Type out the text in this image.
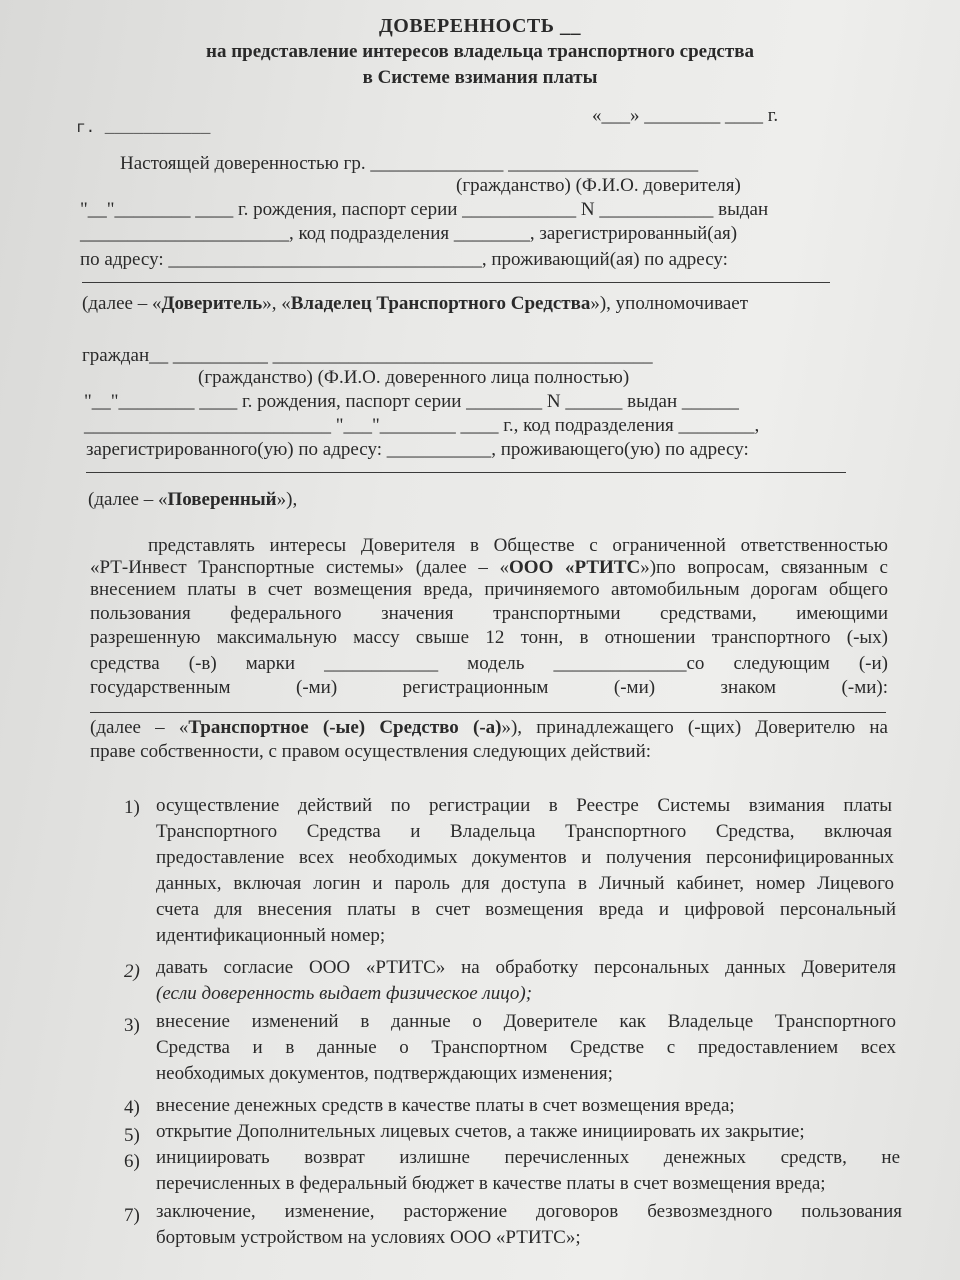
ДОВЕРЕННОСТЬ __
на представление интересов владельца транспортного средства
в Системе взимания платы
г. ___________
«___» ________ ____ г.
Настоящей доверенностью гр. ______________ ____________________
(гражданство) (Ф.И.О. доверителя)
"__"________ ____ г. рождения, паспорт серии ____________ N ____________ выдан
______________________, код подразделения ________, зарегистрированный(ая)
по адресу: _________________________________, проживающий(ая) по адресу:
(далее – «Доверитель», «Владелец Транспортного Средства»), уполномочивает
граждан__ __________ ________________________________________
(гражданство) (Ф.И.О. доверенного лица полностью)
"__"________ ____ г. рождения, паспорт серии ________ N ______ выдан ______
__________________________ "___"________ ____ г., код подразделения ________,
зарегистрированного(ую) по адресу: ___________, проживающего(ую) по адресу:
(далее – «Поверенный»),
представлять интересы Доверителя в Обществе с ограниченной ответственностью
«РТ-Инвест Транспортные системы» (далее – «ООО «РТИТС»)по вопросам, связанным с
внесением платы в счет возмещения вреда, причиняемого автомобильным дорогам общего
пользования федерального значения транспортными средствами, имеющими
разрешенную максимальную массу свыше 12 тонн, в отношении транспортного (-ых)
средства (-в) марки ____________ модель ______________со следующим (-и)
государственным (-ми) регистрационным (-ми) знаком (-ми):
(далее – «Транспортное (-ые) Средство (-а)»), принадлежащего (-щих) Доверителю на
праве собственности, с правом осуществления следующих действий:
1) осуществление действий по регистрации в Реестре Системы взимания платы
Транспортного Средства и Владельца Транспортного Средства, включая
предоставление всех необходимых документов и получения персонифицированных
данных, включая логин и пароль для доступа в Личный кабинет, номер Лицевого
счета для внесения платы в счет возмещения вреда и цифровой персональный
идентификационный номер;
2) давать согласие ООО «РТИТС» на обработку персональных данных Доверителя
(если доверенность выдает физическое лицо);
3) внесение изменений в данные о Доверителе как Владельце Транспортного
Средства и в данные о Транспортном Средстве с предоставлением всех
необходимых документов, подтверждающих изменения;
4) внесение денежных средств в качестве платы в счет возмещения вреда;
5) открытие Дополнительных лицевых счетов, а также инициировать их закрытие;
6) инициировать возврат излишне перечисленных денежных средств, не
перечисленных в федеральный бюджет в качестве платы в счет возмещения вреда;
7) заключение, изменение, расторжение договоров безвозмездного пользования
бортовым устройством на условиях ООО «РТИТС»;
